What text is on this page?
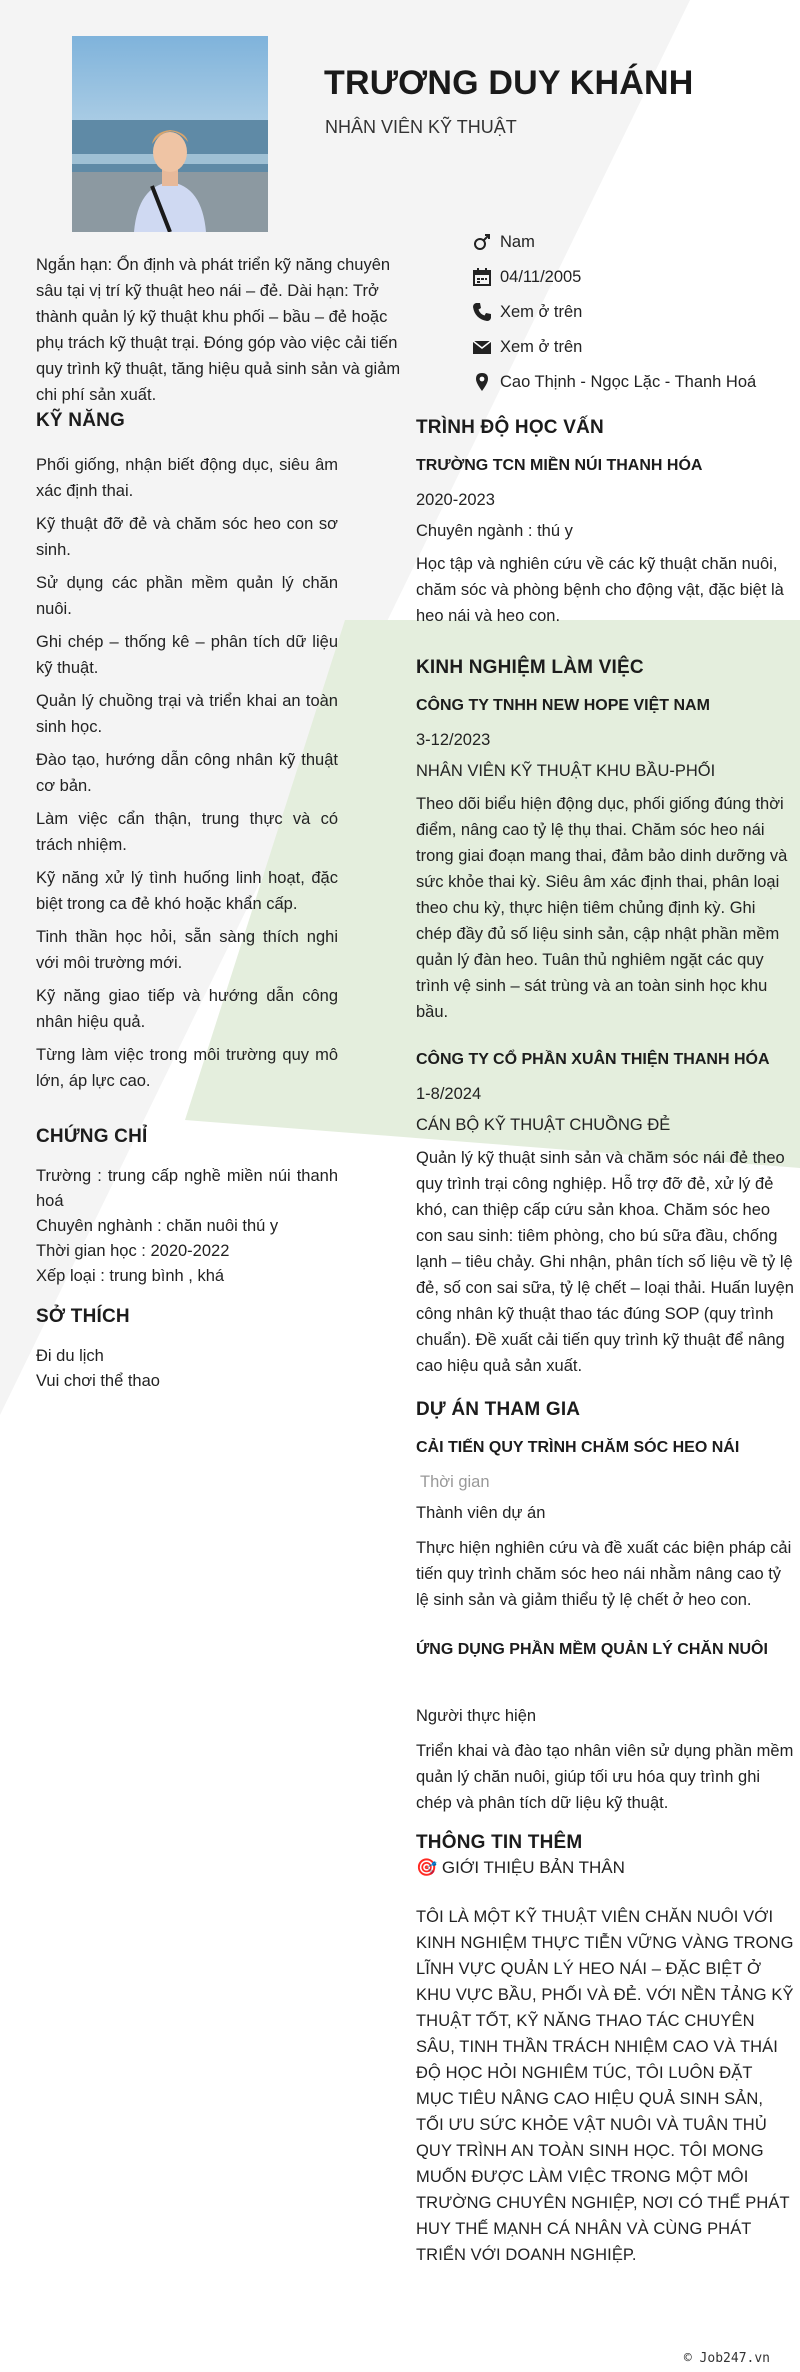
TRƯƠNG DUY KHÁNH
NHÂN VIÊN KỸ THUẬT
Ngắn hạn: Ổn định và phát triển kỹ năng chuyên sâu tại vị trí kỹ thuật heo nái – đẻ. Dài hạn: Trở thành quản lý kỹ thuật khu phối – bầu – đẻ hoặc phụ trách kỹ thuật trại. Đóng góp vào việc cải tiến quy trình kỹ thuật, tăng hiệu quả sinh sản và giảm chi phí sản xuất.
Nam
04/11/2005
Xem ở trên
Xem ở trên
Cao Thịnh - Ngọc Lặc - Thanh Hoá
KỸ NĂNG
Phối giống, nhận biết động dục, siêu âm xác định thai.
Kỹ thuật đỡ đẻ và chăm sóc heo con sơ sinh.
Sử dụng các phần mềm quản lý chăn nuôi.
Ghi chép – thống kê – phân tích dữ liệu kỹ thuật.
Quản lý chuồng trại và triển khai an toàn sinh học.
Đào tạo, hướng dẫn công nhân kỹ thuật cơ bản.
Làm việc cẩn thận, trung thực và có trách nhiệm.
Kỹ năng xử lý tình huống linh hoạt, đặc biệt trong ca đẻ khó hoặc khẩn cấp.
Tinh thần học hỏi, sẵn sàng thích nghi với môi trường mới.
Kỹ năng giao tiếp và hướng dẫn công nhân hiệu quả.
Từng làm việc trong môi trường quy mô lớn, áp lực cao.
CHỨNG CHỈ
Trường : trung cấp nghề miền núi thanh hoá
Chuyên nghành : chăn nuôi thú y
Thời gian học : 2020-2022
Xếp loại : trung bình , khá
SỞ THÍCH
Đi du lịch
Vui chơi thể thao
TRÌNH ĐỘ HỌC VẤN
TRƯỜNG TCN MIỀN NÚI THANH HÓA
2020-2023
Chuyên ngành : thú y
Học tập và nghiên cứu về các kỹ thuật chăn nuôi, chăm sóc và phòng bệnh cho động vật, đặc biệt là heo nái và heo con.
KINH NGHIỆM LÀM VIỆC
CÔNG TY TNHH NEW HOPE VIỆT NAM
3-12/2023
NHÂN VIÊN KỸ THUẬT KHU BẦU-PHỐI
Theo dõi biểu hiện động dục, phối giống đúng thời điểm, nâng cao tỷ lệ thụ thai. Chăm sóc heo nái trong giai đoạn mang thai, đảm bảo dinh dưỡng và sức khỏe thai kỳ. Siêu âm xác định thai, phân loại theo chu kỳ, thực hiện tiêm chủng định kỳ. Ghi chép đầy đủ số liệu sinh sản, cập nhật phần mềm quản lý đàn heo. Tuân thủ nghiêm ngặt các quy trình vệ sinh – sát trùng và an toàn sinh học khu bầu.
CÔNG TY CỔ PHẦN XUÂN THIỆN THANH HÓA
1-8/2024
CÁN BỘ KỸ THUẬT CHUỒNG ĐẺ
Quản lý kỹ thuật sinh sản và chăm sóc nái đẻ theo quy trình trại công nghiệp. Hỗ trợ đỡ đẻ, xử lý đẻ khó, can thiệp cấp cứu sản khoa. Chăm sóc heo con sau sinh: tiêm phòng, cho bú sữa đầu, chống lạnh – tiêu chảy. Ghi nhận, phân tích số liệu về tỷ lệ đẻ, số con sai sữa, tỷ lệ chết – loại thải. Huấn luyện công nhân kỹ thuật thao tác đúng SOP (quy trình chuẩn). Đề xuất cải tiến quy trình kỹ thuật để nâng cao hiệu quả sản xuất.
DỰ ÁN THAM GIA
CẢI TIẾN QUY TRÌNH CHĂM SÓC HEO NÁI
Thời gian
Thành viên dự án
Thực hiện nghiên cứu và đề xuất các biện pháp cải tiến quy trình chăm sóc heo nái nhằm nâng cao tỷ lệ sinh sản và giảm thiểu tỷ lệ chết ở heo con.
ỨNG DỤNG PHẦN MỀM QUẢN LÝ CHĂN NUÔI
Người thực hiện
Triển khai và đào tạo nhân viên sử dụng phần mềm quản lý chăn nuôi, giúp tối ưu hóa quy trình ghi chép và phân tích dữ liệu kỹ thuật.
THÔNG TIN THÊM
🎯 GIỚI THIỆU BẢN THÂN
TÔI LÀ MỘT KỸ THUẬT VIÊN CHĂN NUÔI VỚI KINH NGHIỆM THỰC TIỄN VỮNG VÀNG TRONG LĨNH VỰC QUẢN LÝ HEO NÁI – ĐẶC BIỆT Ở KHU VỰC BẦU, PHỐI VÀ ĐẺ. VỚI NỀN TẢNG KỸ THUẬT TỐT, KỸ NĂNG THAO TÁC CHUYÊN SÂU, TINH THẦN TRÁCH NHIỆM CAO VÀ THÁI ĐỘ HỌC HỎI NGHIÊM TÚC, TÔI LUÔN ĐẶT MỤC TIÊU NÂNG CAO HIỆU QUẢ SINH SẢN, TỐI ƯU SỨC KHỎE VẬT NUÔI VÀ TUÂN THỦ QUY TRÌNH AN TOÀN SINH HỌC. TÔI MONG MUỐN ĐƯỢC LÀM VIỆC TRONG MỘT MÔI TRƯỜNG CHUYÊN NGHIỆP, NƠI CÓ THỂ PHÁT HUY THẾ MẠNH CÁ NHÂN VÀ CÙNG PHÁT TRIỂN VỚI DOANH NGHIỆP.
© Job247.vn
